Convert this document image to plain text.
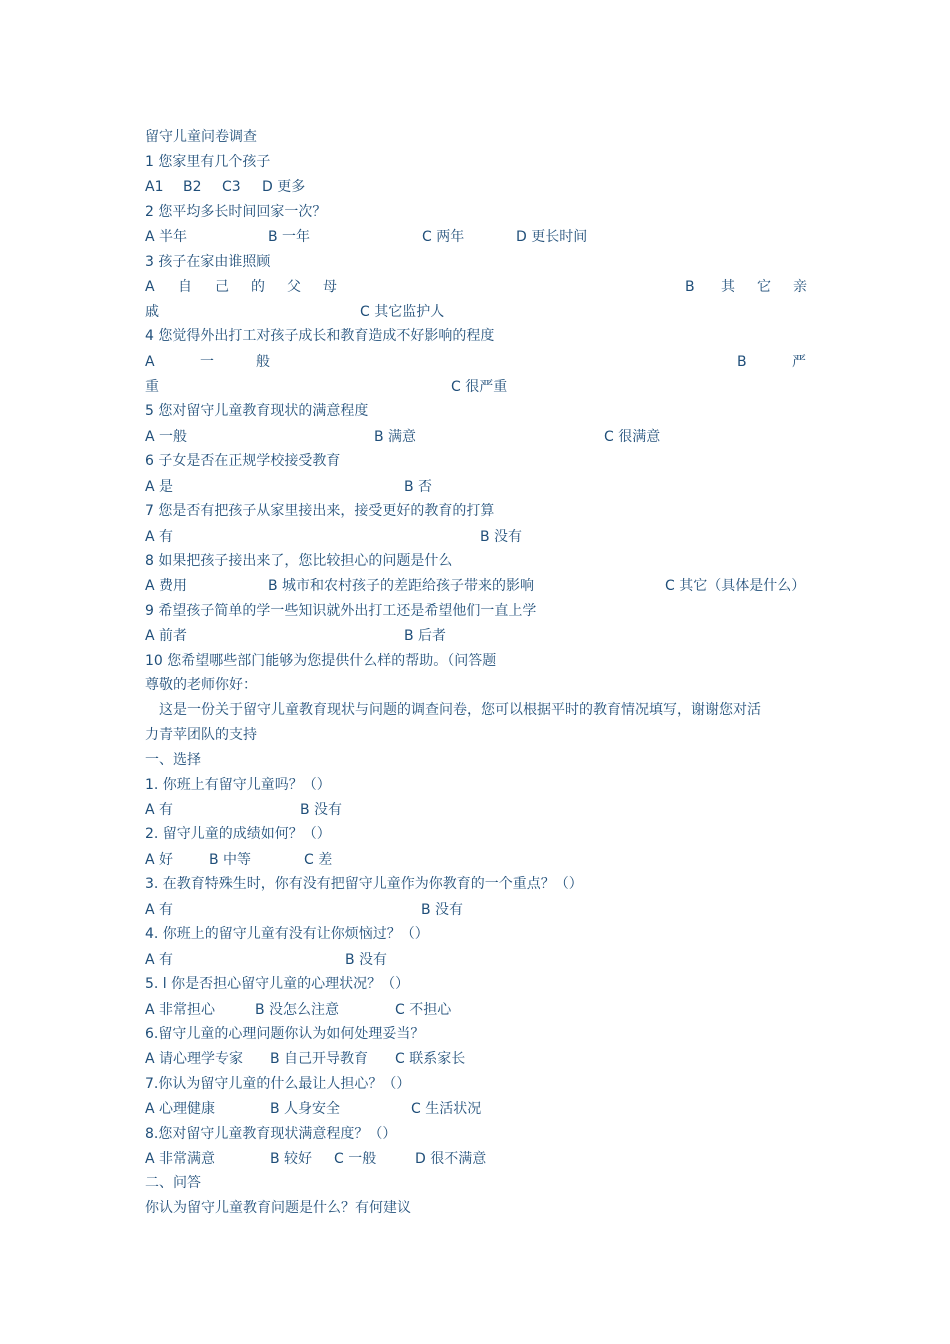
留守儿童问卷调查
1 您家里有几个孩子
A1 B2 C3 D 更多
2 您平均多长时间回家一次？
A 半年	B 一年	C 两年	D 更长时间
3 孩子在家由谁照顾
A 自 己 的 父 母	B 其 它 亲
戚	C 其它监护人
4 您觉得外出打工对孩子成长和教育造成不好影响的程度
A	一	般	B	严
重	C 很严重
5 您对留守儿童教育现状的满意程度
A 一般	B 满意	C 很满意
6 子女是否在正规学校接受教育
A 是	B 否
7 您是否有把孩子从家里接出来，接受更好的教育的打算
A 有	B 没有
8 如果把孩子接出来了，您比较担心的问题是什么
A 费用	B 城市和农村孩子的差距给孩子带来的影响	C 其它（具体是什么）
9 希望孩子简单的学一些知识就外出打工还是希望他们一直上学
A 前者	B 后者
10 您希望哪些部门能够为您提供什么样的帮助。（问答题
尊敬的老师你好：
这是一份关于留守儿童教育现状与问题的调查问卷，您可以根据平时的教育情况填写，谢谢您对活
力青苹团队的支持
一、选择
1. 你班上有留守儿童吗？（）
A 有	B 没有
2. 留守儿童的成绩如何？（）
A 好	B 中等	C 差
3. 在教育特殊生时，你有没有把留守儿童作为你教育的一个重点？（）
A 有	B 没有
4. 你班上的留守儿童有没有让你烦恼过？（）
A 有	B 没有
5. l 你是否担心留守儿童的心理状况？（）
A 非常担心	B 没怎么注意	C 不担心
6.留守儿童的心理问题你认为如何处理妥当？
A 请心理学专家 B 自己开导教育 C 联系家长
7.你认为留守儿童的什么最让人担心？（）
A 心理健康	B 人身安全	C 生活状况
8.您对留守儿童教育现状满意程度？（）
A 非常满意	B 较好 C 一般	D 很不满意
二、问答
你认为留守儿童教育问题是什么？有何建议
